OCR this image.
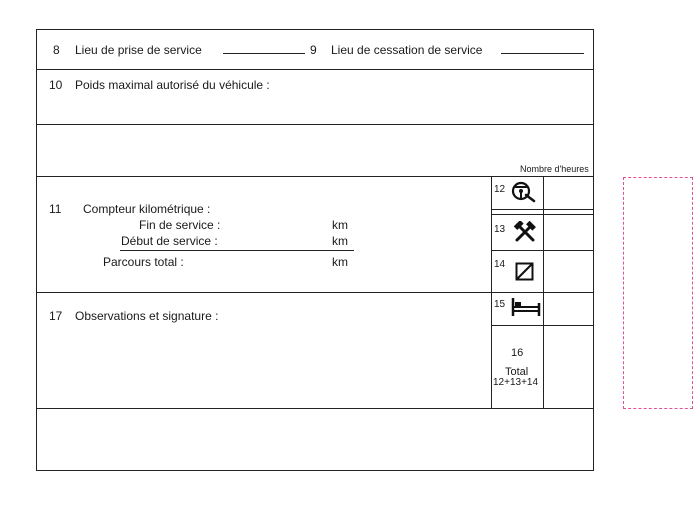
8 Lieu de prise de service	9 Lieu de cessation de service
10 Poids maximal autorisé du véhicule :
Nombre d'heures
11 Compteur kilométrique :
Fin de service :	km
Début de service :	km
Parcours total :	km
17 Observations et signature :
12
13
14
15
16
Total
12+13+14
